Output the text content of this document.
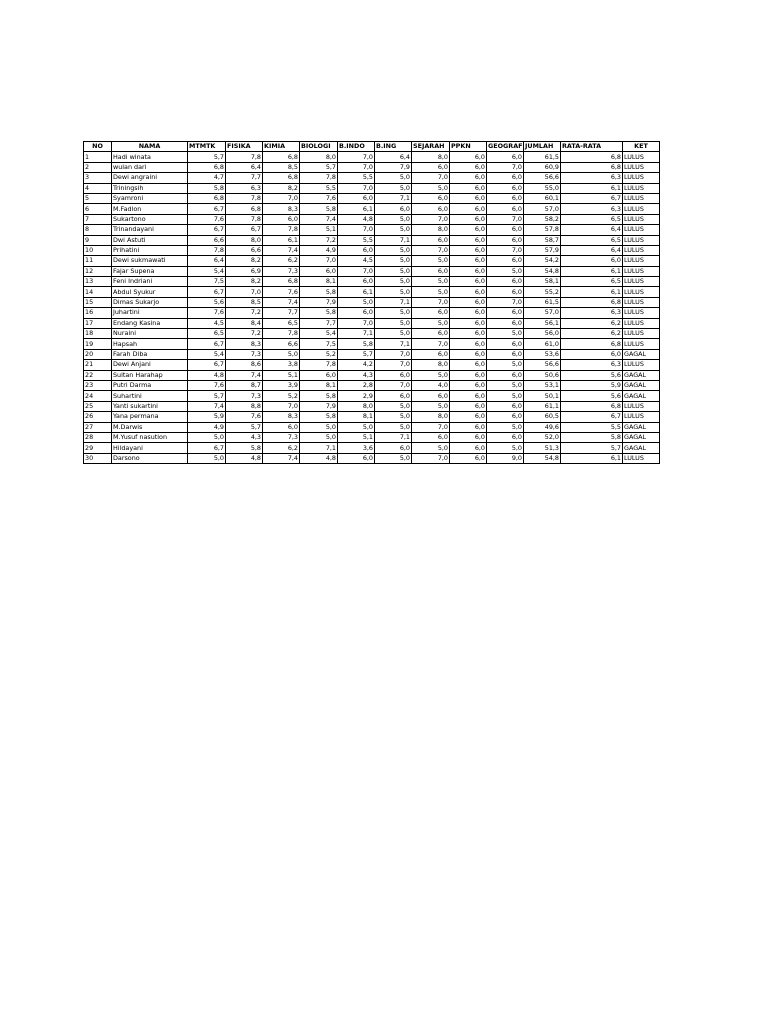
NO	NAMA	MTMTK	FISIKA	KIMIA	BIOLOGI	B.INDO	B.ING	SEJARAH	PPKN	GEOGRAF	JUMLAH	RATA-RATA	KET
1	Hadi winata	5,7	7,8	6,8	8,0	7,0	6,4	8,0	6,0	6,0	61,5	6,8	LULUS
2	wulan dari	6,8	6,4	8,5	5,7	7,0	7,9	6,0	6,0	7,0	60,9	6,8	LULUS
3	Dewi angraini	4,7	7,7	6,8	7,8	5,5	5,0	7,0	6,0	6,0	56,6	6,3	LULUS
4	Triningsih	5,8	6,3	8,2	5,5	7,0	5,0	5,0	6,0	6,0	55,0	6,1	LULUS
5	Syamroni	6,8	7,8	7,0	7,6	6,0	7,1	6,0	6,0	6,0	60,1	6,7	LULUS
6	M.Fadlon	6,7	6,8	8,3	5,8	6,1	6,0	6,0	6,0	6,0	57,0	6,3	LULUS
7	Sukartono	7,6	7,8	6,0	7,4	4,8	5,0	7,0	6,0	7,0	58,2	6,5	LULUS
8	Trinandayani	6,7	6,7	7,8	5,1	7,0	5,0	8,0	6,0	6,0	57,8	6,4	LULUS
9	Dwi Astuti	6,6	8,0	6,1	7,2	5,5	7,1	6,0	6,0	6,0	58,7	6,5	LULUS
10	Prihatini	7,8	6,6	7,4	4,9	6,0	5,0	7,0	6,0	7,0	57,9	6,4	LULUS
11	Dewi sukmawati	6,4	8,2	6,2	7,0	4,5	5,0	5,0	6,0	6,0	54,2	6,0	LULUS
12	Fajar Supena	5,4	6,9	7,3	6,0	7,0	5,0	6,0	6,0	5,0	54,8	6,1	LULUS
13	Feni Indriani	7,5	8,2	6,8	8,1	6,0	5,0	5,0	6,0	6,0	58,1	6,5	LULUS
14	Abdul Syukur	6,7	7,0	7,6	5,8	6,1	5,0	5,0	6,0	6,0	55,2	6,1	LULUS
15	Dimas Sukarjo	5,6	8,5	7,4	7,9	5,0	7,1	7,0	6,0	7,0	61,5	6,8	LULUS
16	Juhartini	7,6	7,2	7,7	5,8	6,0	5,0	6,0	6,0	6,0	57,0	6,3	LULUS
17	Endang Kasina	4,5	8,4	6,5	7,7	7,0	5,0	5,0	6,0	6,0	56,1	6,2	LULUS
18	Nuraini	6,5	7,2	7,8	5,4	7,1	5,0	6,0	6,0	5,0	56,0	6,2	LULUS
19	Hapsah	6,7	8,3	6,6	7,5	5,8	7,1	7,0	6,0	6,0	61,0	6,8	LULUS
20	Farah Diba	5,4	7,3	5,0	5,2	5,7	7,0	6,0	6,0	6,0	53,6	6,0	GAGAL
21	Dewi Anjani	6,7	8,6	3,8	7,8	4,2	7,0	8,0	6,0	5,0	56,6	6,3	LULUS
22	Sultan Harahap	4,8	7,4	5,1	6,0	4,3	6,0	5,0	6,0	6,0	50,6	5,6	GAGAL
23	Putri Darma	7,6	8,7	3,9	8,1	2,8	7,0	4,0	6,0	5,0	53,1	5,9	GAGAL
24	Suhartini	5,7	7,3	5,2	5,8	2,9	6,0	6,0	6,0	5,0	50,1	5,6	GAGAL
25	Yanti sukartini	7,4	8,8	7,0	7,9	8,0	5,0	5,0	6,0	6,0	61,1	6,8	LULUS
26	Yana permana	5,9	7,6	8,3	5,8	8,1	5,0	8,0	6,0	6,0	60,5	6,7	LULUS
27	M.Darwis	4,9	5,7	6,0	5,0	5,0	5,0	7,0	6,0	5,0	49,6	5,5	GAGAL
28	M.Yusuf nasution	5,0	4,3	7,3	5,0	5,1	7,1	6,0	6,0	6,0	52,0	5,8	GAGAL
29	Hildayani	6,7	5,8	6,2	7,1	3,6	6,0	5,0	6,0	5,0	51,3	5,7	GAGAL
30	Darsono	5,0	4,8	7,4	4,8	6,0	5,0	7,0	6,0	9,0	54,8	6,1	LULUS
